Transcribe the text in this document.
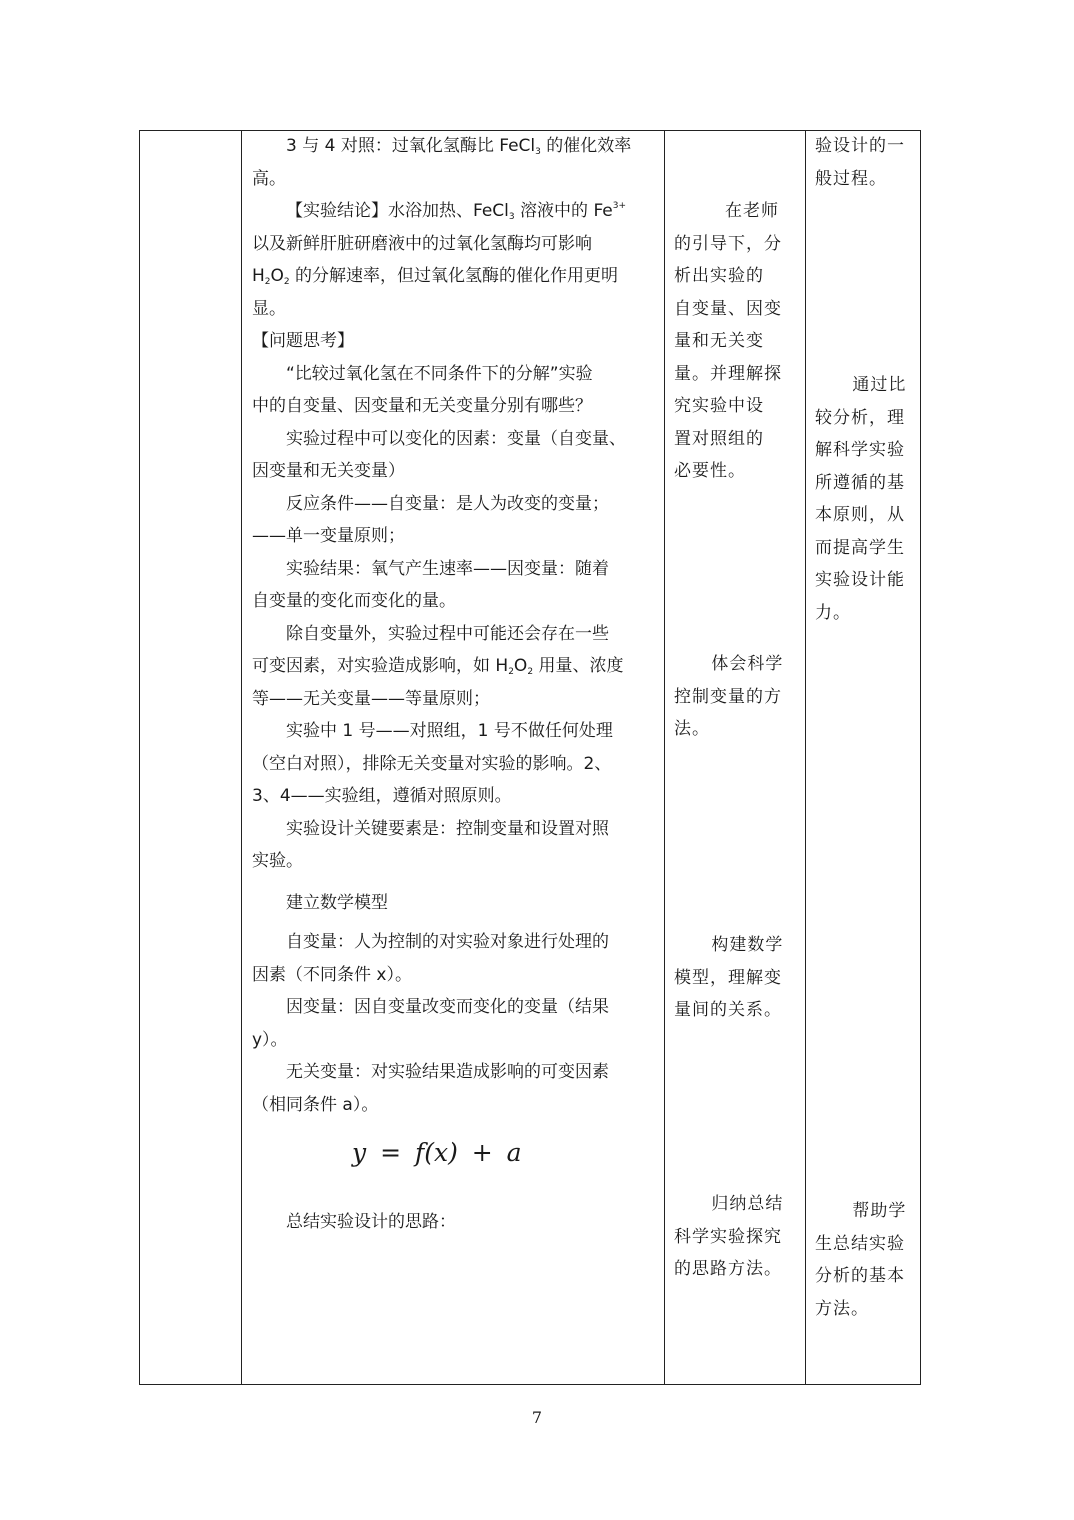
3 与 4 对照：过氧化氢酶比 FeCl$_3$ 的催化效率

高。

【实验结论】水浴加热、FeCl$_3$ 溶液中的 $Fe^{3+}$

以及新鲜肝脏研磨液中的过氧化氢酶均可影响

$H_2O_2$ 的分解速率，但过氧化氢酶的催化作用更明

显。

【问题思考】

“比较过氧化氢在不同条件下的分解”实验

中的自变量、因变量和无关变量分别有哪些？

实验过程中可以变化的因素：变量（自变量、

因变量和无关变量）

反应条件——自变量：是人为改变的变量；

——单一变量原则；

实验结果：氧气产生速率——因变量：随着

自变量的变化而变化的量。

除自变量外，实验过程中可能还会存在一些

可变因素，对实验造成影响，如 $H_2O_2$ 用量、浓度

等——无关变量——等量原则；

实验中 1 号——对照组，1 号不做任何处理

（空白对照），排除无关变量对实验的影响。2、

3、4——实验组，遵循对照原则。

实验设计关键要素是：控制变量和设置对照

实验。

建立数学模型

自变量：人为控制的对实验对象进行处理的

因素（不同条件 x）。

因变量：因自变量改变而变化的变量（结果

y）。

无关变量：对实验结果造成影响的可变因素

（相同条件 a）。

总结实验设计的思路：

y = f(x) + a

在老师

的引导下，分

析出实验的

自变量、因变

量和无关变

量。并理解探

究实验中设

置对照组的

必要性。

体会科学

控制变量的方

法。

构建数学

模型，理解变

量间的关系。

归纳总结

科学实验探究

的思路方法。

验设计的一

般过程。

通过比

较分析，理

解科学实验

所遵循的基

本原则，从

而提高学生

实验设计能

力。

帮助学

生总结实验

分析的基本

方法。

7
